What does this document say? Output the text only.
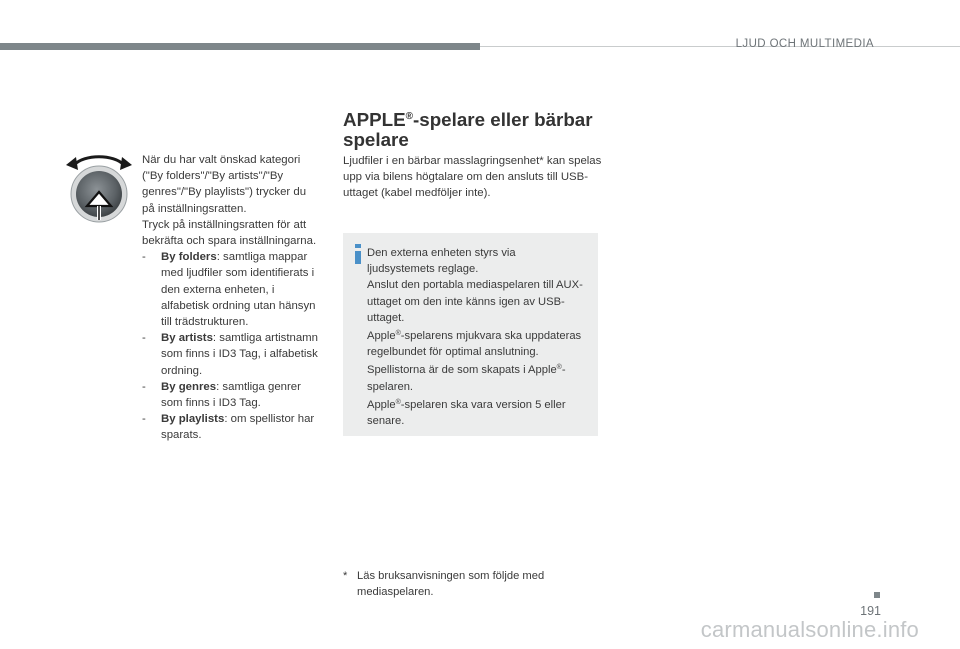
LJUD OCH MULTIMEDIA

När du har valt önskad kategori ("By folders"/"By artists"/"By genres"/"By playlists") trycker du på inställningsratten.

Tryck på inställningsratten för att bekräfta och spara inställningarna.

- By folders: samtliga mappar med ljudfiler som identifierats i den externa enheten, i alfabetisk ordning utan hänsyn till trädstrukturen.
- By artists: samtliga artistnamn som finns i ID3 Tag, i alfabetisk ordning.
- By genres: samtliga genrer som finns i ID3 Tag.
- By playlists: om spellistor har sparats.
APPLE®-spelare eller bärbar spelare

Ljudfiler i en bärbar masslagringsenhet* kan spelas upp via bilens högtalare om den ansluts till USB-uttaget (kabel medföljer inte).

Den externa enheten styrs via ljudsystemets reglage.

Anslut den portabla mediaspelaren till AUX-uttaget om den inte känns igen av USB-uttaget.

Apple®-spelarens mjukvara ska uppdateras regelbundet för optimal anslutning.

Spellistorna är de som skapats i Apple®-spelaren.

Apple®-spelaren ska vara version 5 eller senare.

* Läs bruksanvisningen som följde med mediaspelaren.
191
carmanualsonline.info
